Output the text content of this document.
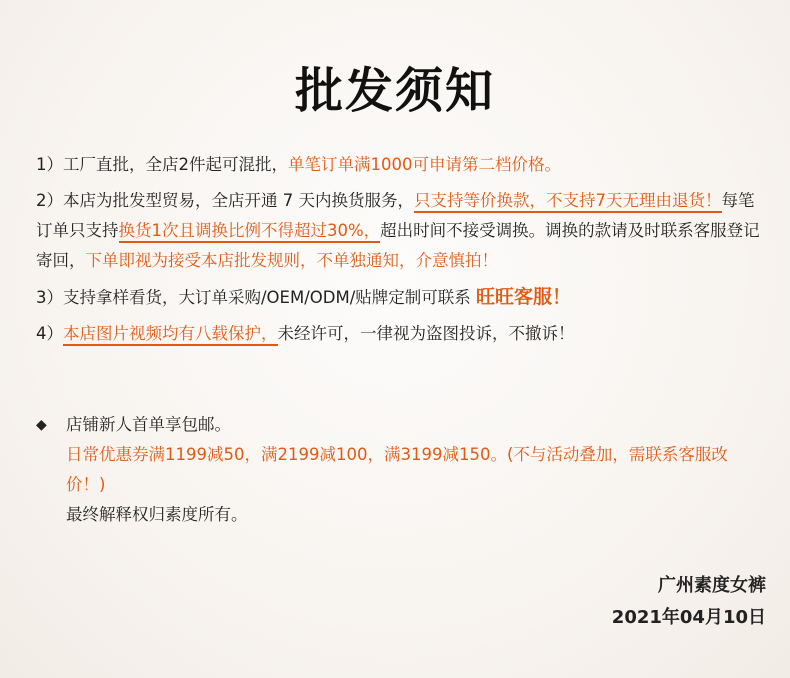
批发须知
1）工厂直批，全店2件起可混批，单笔订单满1000可申请第二档价格。
2）本店为批发型贸易，全店开通 7 天内换货服务，只支持等价换款，不支持7天无理由退货！每笔订单只支持换货1次且调换比例不得超过30%，超出时间不接受调换。调换的款请及时联系客服登记寄回，下单即视为接受本店批发规则，不单独通知，介意慎拍！
3）支持拿样看货，大订单采购/OEM/ODM/贴牌定制可联系 旺旺客服！
4）本店图片视频均有八载保护，未经许可，一律视为盗图投诉，不撤诉！
◆ 店铺新人首单享包邮。
日常优惠券满1199减50，满2199减100，满3199减150。(不与活动叠加，需联系客服改价！)
最终解释权归素度所有。
广州素度女裤
2021年04月10日
